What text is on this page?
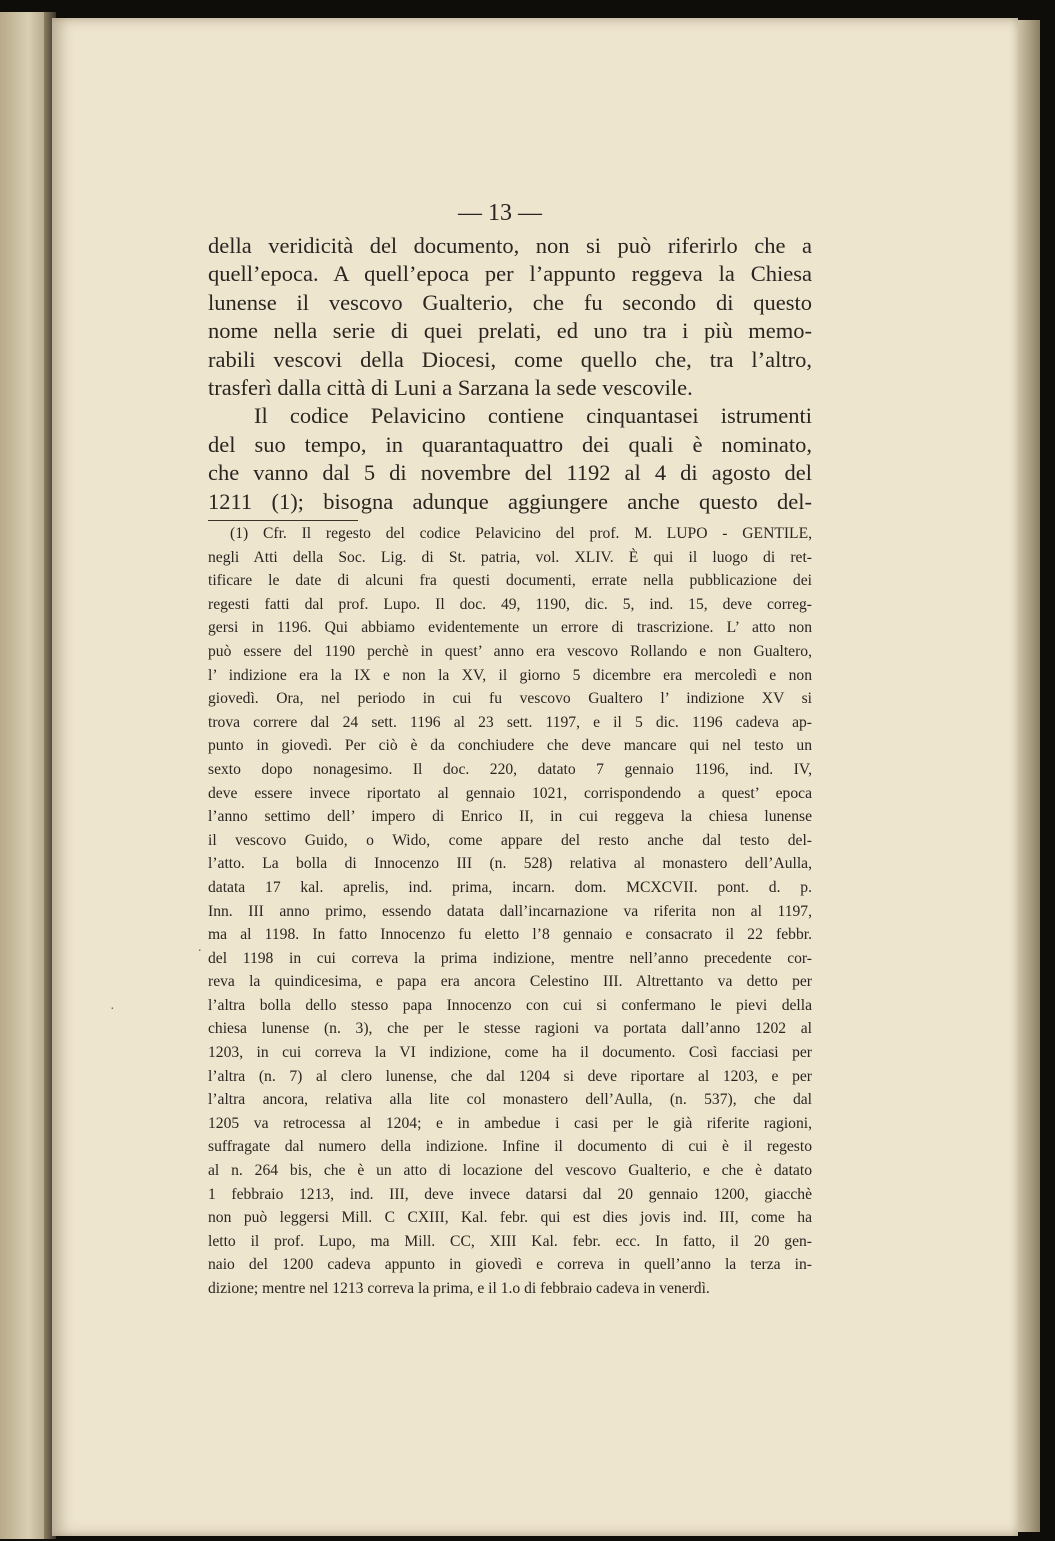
— 13 —
della veridicità del documento, non si può riferirlo che a
quell’epoca. A quell’epoca per l’appunto reggeva la Chiesa
lunense il vescovo Gualterio, che fu secondo di questo
nome nella serie di quei prelati, ed uno tra i più memo-
rabili vescovi della Diocesi, come quello che, tra l’altro,
trasferì dalla città di Luni a Sarzana la sede vescovile.
Il codice Pelavicino contiene cinquantasei istrumenti
del suo tempo, in quarantaquattro dei quali è nominato,
che vanno dal 5 di novembre del 1192 al 4 di agosto del
1211 (1); bisogna adunque aggiungere anche questo del-
(1) Cfr. Il regesto del codice Pelavicino del prof. M. LUPO - GENTILE,
negli Atti della Soc. Lig. di St. patria, vol. XLIV. È qui il luogo di ret-
tificare le date di alcuni fra questi documenti, errate nella pubblicazione dei
regesti fatti dal prof. Lupo. Il doc. 49, 1190, dic. 5, ind. 15, deve correg-
gersi in 1196. Qui abbiamo evidentemente un errore di trascrizione. L’ atto non
può essere del 1190 perchè in quest’ anno era vescovo Rollando e non Gualtero,
l’ indizione era la IX e non la XV, il giorno 5 dicembre era mercoledì e non
giovedì. Ora, nel periodo in cui fu vescovo Gualtero l’ indizione XV si
trova correre dal 24 sett. 1196 al 23 sett. 1197, e il 5 dic. 1196 cadeva ap-
punto in giovedì. Per ciò è da conchiudere che deve mancare qui nel testo un
sexto dopo nonagesimo. Il doc. 220, datato 7 gennaio 1196, ind. IV,
deve essere invece riportato al gennaio 1021, corrispondendo a quest’ epoca
l’anno settimo dell’ impero di Enrico II, in cui reggeva la chiesa lunense
il vescovo Guido, o Wido, come appare del resto anche dal testo del-
l’atto. La bolla di Innocenzo III (n. 528) relativa al monastero dell’Aulla,
datata 17 kal. aprelis, ind. prima, incarn. dom. MCXCVII. pont. d. p.
Inn. III anno primo, essendo datata dall’incarnazione va riferita non al 1197,
ma al 1198. In fatto Innocenzo fu eletto l’8 gennaio e consacrato il 22 febbr.
del 1198 in cui correva la prima indizione, mentre nell’anno precedente cor-
reva la quindicesima, e papa era ancora Celestino III. Altrettanto va detto per
l’altra bolla dello stesso papa Innocenzo con cui si confermano le pievi della
chiesa lunense (n. 3), che per le stesse ragioni va portata dall’anno 1202 al
1203, in cui correva la VI indizione, come ha il documento. Così facciasi per
l’altra (n. 7) al clero lunense, che dal 1204 si deve riportare al 1203, e per
l’altra ancora, relativa alla lite col monastero dell’Aulla, (n. 537), che dal
1205 va retrocessa al 1204; e in ambedue i casi per le già riferite ragioni,
suffragate dal numero della indizione. Infine il documento di cui è il regesto
al n. 264 bis, che è un atto di locazione del vescovo Gualterio, e che è datato
1 febbraio 1213, ind. III, deve invece datarsi dal 20 gennaio 1200, giacchè
non può leggersi Mill. C CXIII, Kal. febr. qui est dies jovis ind. III, come ha
letto il prof. Lupo, ma Mill. CC, XIII Kal. febr. ecc. In fatto, il 20 gen-
naio del 1200 cadeva appunto in giovedì e correva in quell’anno la terza in-
dizione; mentre nel 1213 correva la prima, e il 1.o di febbraio cadeva in venerdì.
.
·
